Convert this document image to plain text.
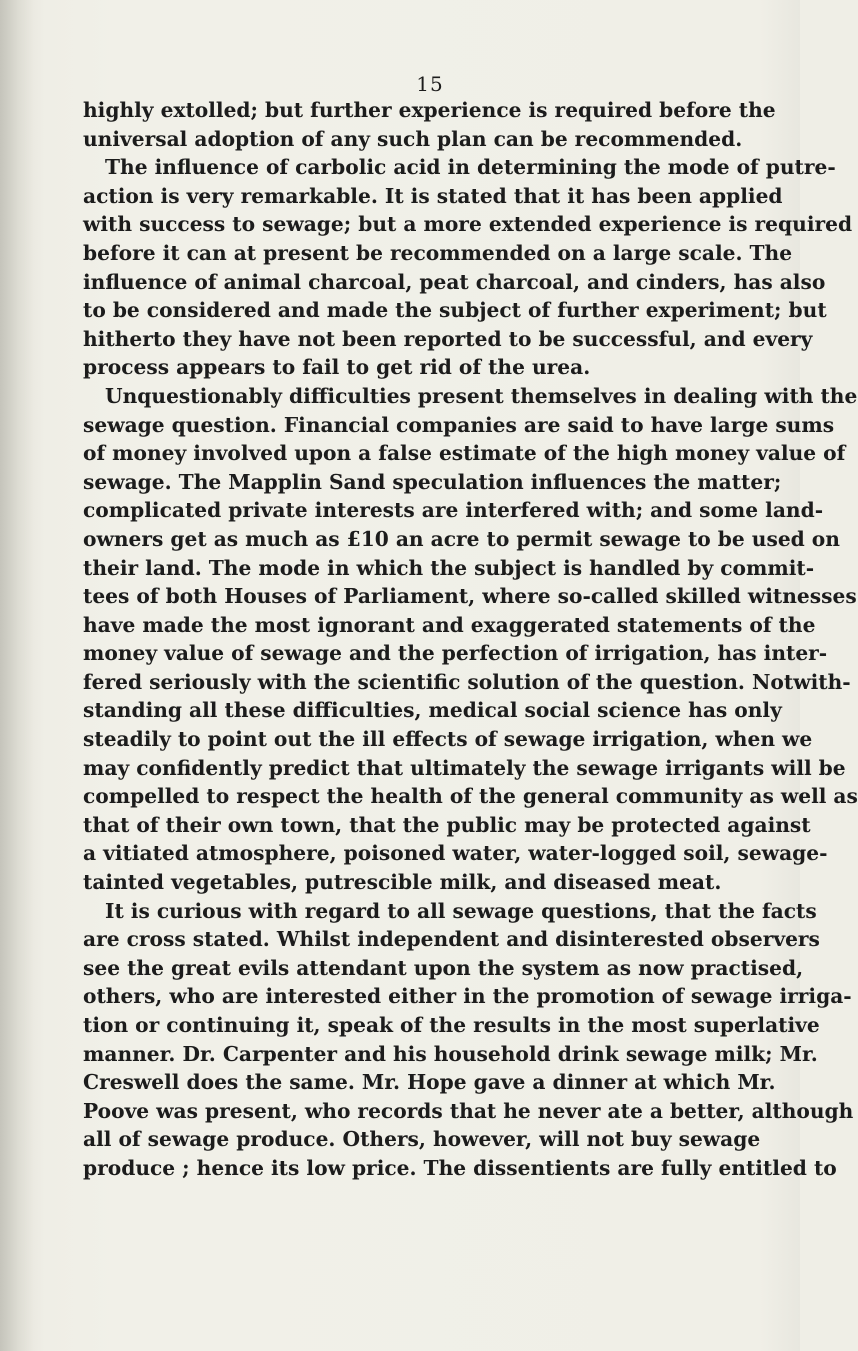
15
highly extolled; but further experience is required before the
universal adoption of any such plan can be recommended.
The influence of carbolic acid in determining the mode of putre-
action is very remarkable. It is stated that it has been applied
with success to sewage; but a more extended experience is required
before it can at present be recommended on a large scale. The
influence of animal charcoal, peat charcoal, and cinders, has also
to be considered and made the subject of further experiment; but
hitherto they have not been reported to be successful, and every
process appears to fail to get rid of the urea.
Unquestionably difficulties present themselves in dealing with the
sewage question. Financial companies are said to have large sums
of money involved upon a false estimate of the high money value of
sewage. The Mapplin Sand speculation influences the matter;
complicated private interests are interfered with; and some land-
owners get as much as £10 an acre to permit sewage to be used on
their land. The mode in which the subject is handled by commit-
tees of both Houses of Parliament, where so-called skilled witnesses
have made the most ignorant and exaggerated statements of the
money value of sewage and the perfection of irrigation, has inter-
fered seriously with the scientific solution of the question. Notwith-
standing all these difficulties, medical social science has only
steadily to point out the ill effects of sewage irrigation, when we
may confidently predict that ultimately the sewage irrigants will be
compelled to respect the health of the general community as well as
that of their own town, that the public may be protected against
a vitiated atmosphere, poisoned water, water-logged soil, sewage-
tainted vegetables, putrescible milk, and diseased meat.
It is curious with regard to all sewage questions, that the facts
are cross stated. Whilst independent and disinterested observers
see the great evils attendant upon the system as now practised,
others, who are interested either in the promotion of sewage irriga-
tion or continuing it, speak of the results in the most superlative
manner. Dr. Carpenter and his household drink sewage milk; Mr.
Creswell does the same. Mr. Hope gave a dinner at which Mr.
Poove was present, who records that he never ate a better, although
all of sewage produce. Others, however, will not buy sewage
produce ; hence its low price. The dissentients are fully entitled to
